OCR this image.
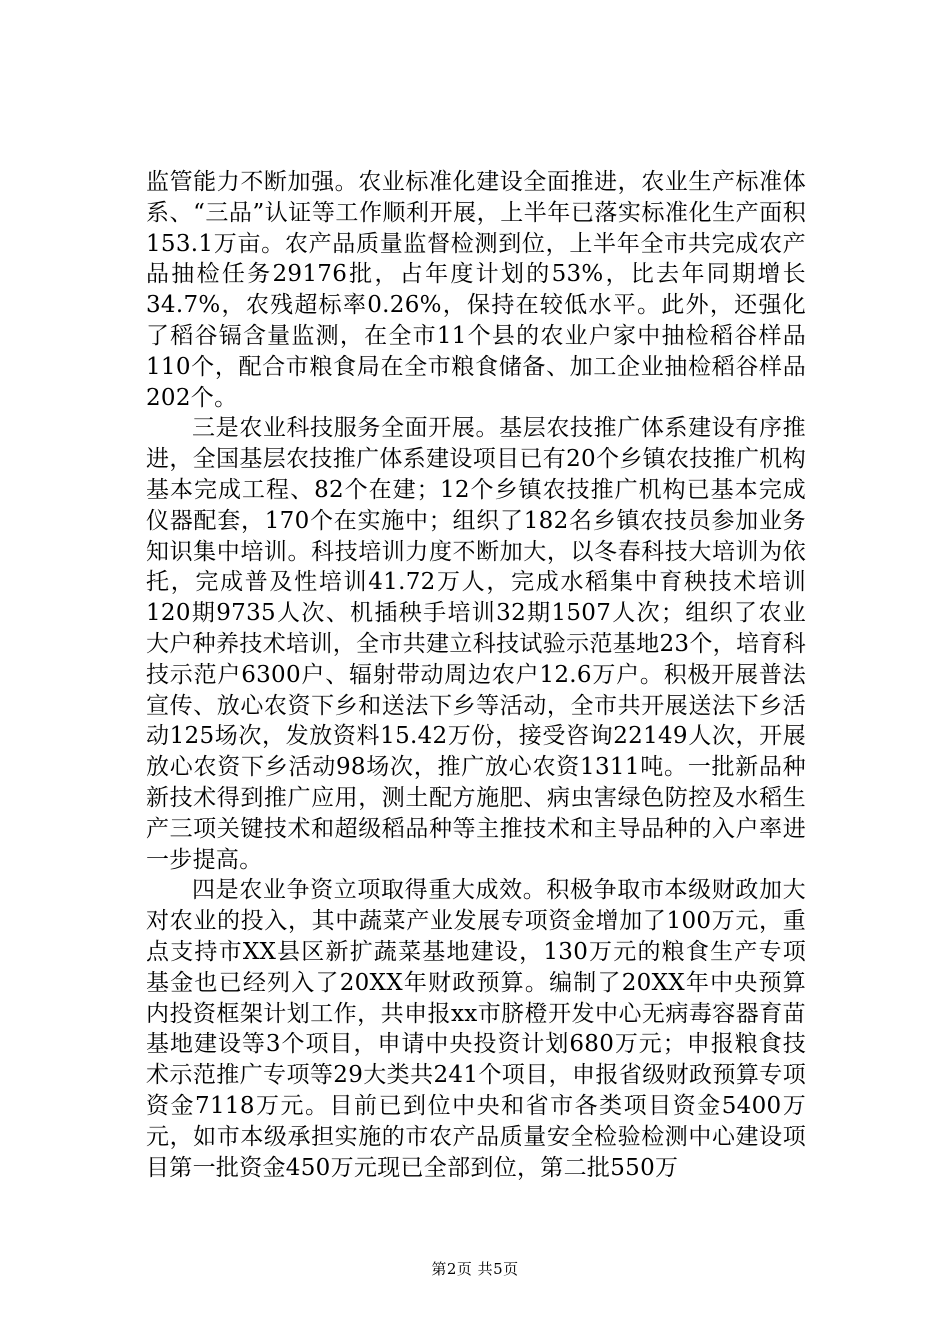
监管能力不断加强。农业标准化建设全面推进，农业生产标准体系、“三品”认证等工作顺利开展，上半年已落实标准化生产面积153.1万亩。农产品质量监督检测到位，上半年全市共完成农产品抽检任务29176批，占年度计划的53%，比去年同期增长34.7%，农残超标率0.26%，保持在较低水平。此外，还强化了稻谷镉含量监测，在全市11个县的农业户家中抽检稻谷样品110个，配合市粮食局在全市粮食储备、加工企业抽检稻谷样品202个。

三是农业科技服务全面开展。基层农技推广体系建设有序推进，全国基层农技推广体系建设项目已有20个乡镇农技推广机构基本完成工程、82个在建；12个乡镇农技推广机构已基本完成仪器配套，170个在实施中；组织了182名乡镇农技员参加业务知识集中培训。科技培训力度不断加大，以冬春科技大培训为依托，完成普及性培训41.72万人，完成水稻集中育秧技术培训120期9735人次、机插秧手培训32期1507人次；组织了农业大户种养技术培训，全市共建立科技试验示范基地23个，培育科技示范户6300户、辐射带动周边农户12.6万户。积极开展普法宣传、放心农资下乡和送法下乡等活动，全市共开展送法下乡活动125场次，发放资料15.42万份，接受咨询22149人次，开展放心农资下乡活动98场次，推广放心农资1311吨。一批新品种新技术得到推广应用，测土配方施肥、病虫害绿色防控及水稻生产三项关键技术和超级稻品种等主推技术和主导品种的入户率进一步提高。

四是农业争资立项取得重大成效。积极争取市本级财政加大对农业的投入，其中蔬菜产业发展专项资金增加了100万元，重点支持市XX县区新扩蔬菜基地建设，130万元的粮食生产专项基金也已经列入了20XX年财政预算。编制了20XX年中央预算内投资框架计划工作，共申报xx市脐橙开发中心无病毒容器育苗基地建设等3个项目，申请中央投资计划680万元；申报粮食技术示范推广专项等29大类共241个项目，申报省级财政预算专项资金7118万元。目前已到位中央和省市各类项目资金5400万元，如市本级承担实施的市农产品质量安全检验检测中心建设项目第一批资金450万元现已全部到位，第二批550万

第2页 共5页
